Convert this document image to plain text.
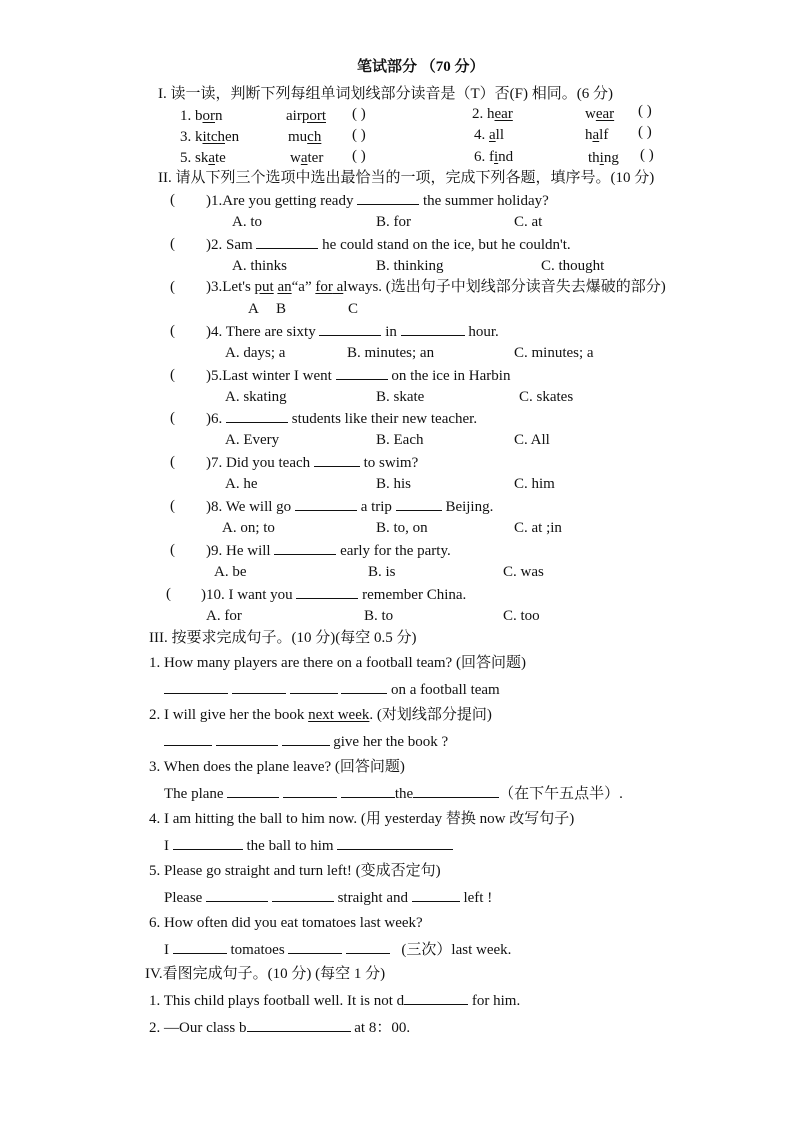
笔试部分 （70 分）
I. 读一读，判断下列每组单词划线部分读音是（T）否(F) 相同。(6 分)
1. born	airport ( )	2. hear	wear ( )
3. kitchen	much ( )	4. all	half ( )
5. skate	water ( )	6. find	thing ( )
II. 请从下列三个选项中选出最恰当的一项，完成下列各题，填序号。(10 分)
( )1.Are you getting ready	the summer holiday?
A. to	B. for	C. at
( )2. Sam	he could stand on the ice, but he couldn't.
A. thinks	B. thinking	C. thought
( )3.Let's put an“a” for always. (选出句子中划线部分读音失去爆破的部分)
A B	C
( )4. There are sixty	in	hour.
A. days; a	B. minutes; an	C. minutes; a
( )5.Last winter I went	on the ice in Harbin
A. skating	B. skate	C. skates
( )6.	students like their new teacher.
A. Every	B. Each	C. All
( )7. Did you teach	to swim?
A. he	B. his	C. him
( )8. We will go	a trip	Beijing.
A. on; to	B. to, on	C. at ;in
( )9. He will	early for the party.
A. be	B. is	C. was
( )10. I want you	remember China.
A. for	B. to	C. too
III. 按要求完成句子。(10 分)(每空 0.5 分)
1. How many players are there on a football team? (回答问题)
on a football team
2. I will give her the book next week. (对划线部分提问)
give her the book ?
3. When does the plane leave? (回答问题)
The plane	the	（在下午五点半）.
4. I am hitting the ball to him now. (用 yesterday 替换 now 改写句子)
I	the ball to him
5. Please go straight and turn left! (变成否定句)
Please	straight and	left !
6. How often did you eat tomatoes last week?
I	tomatoes	(三次）last week.
IV.看图完成句子。(10 分) (每空 1 分)
1. This child plays football well. It is not d	for him.
2. —Our class b	at 8：00.
